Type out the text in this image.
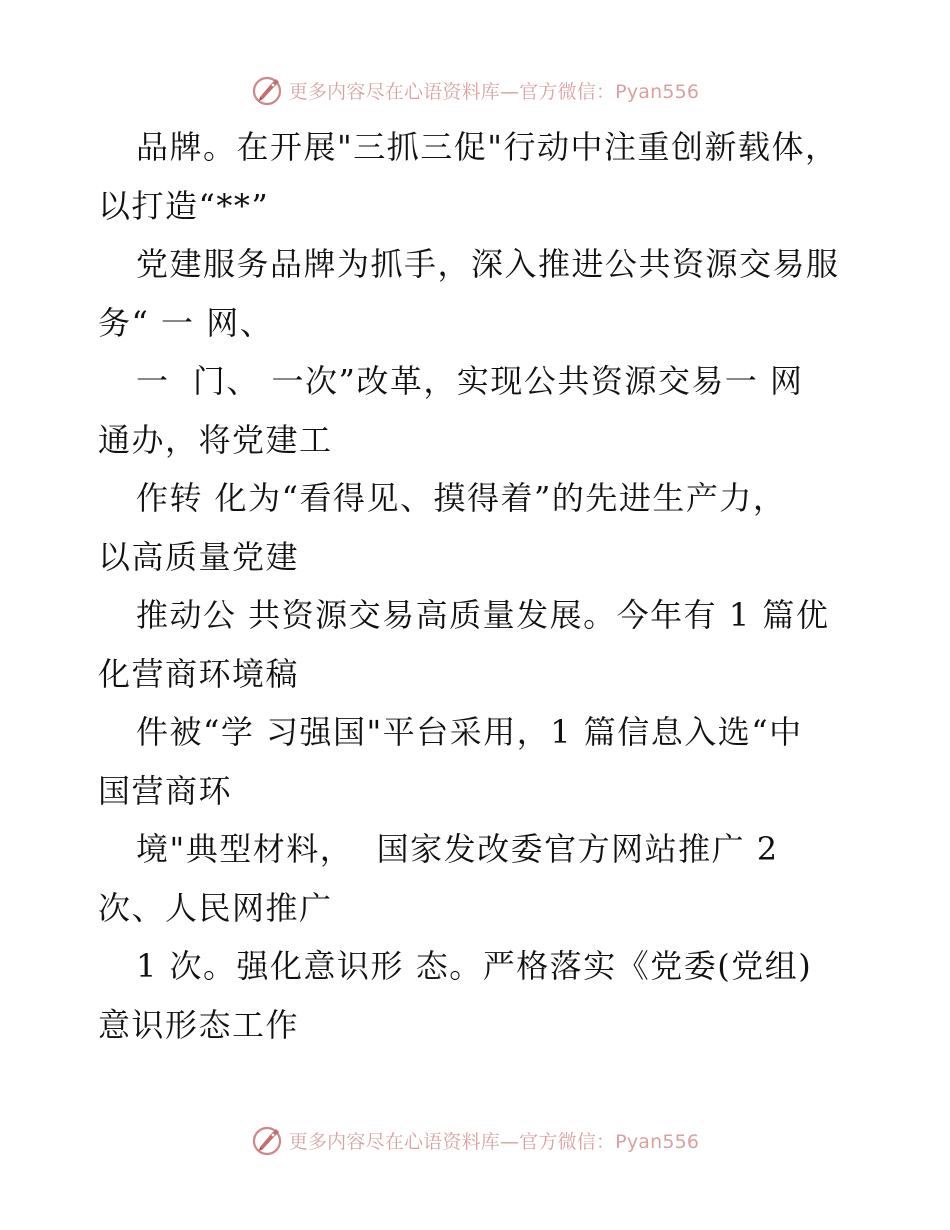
更多内容尽在心语资料库—官方微信：Pyan556
品牌。在开展"三抓三促"行动中注重创新载体，
以打造“**”
党建服务品牌为抓手，深入推进公共资源交易服
务“ 一 网、
一  门、 一次”改革，实现公共资源交易一 网
通办，将党建工
作转 化为“看得见、摸得着”的先进生产力，
以高质量党建
推动公 共资源交易高质量发展。今年有 1 篇优
化营商环境稿
件被“学 习强国"平台采用，1 篇信息入选“中
国营商环
境"典型材料，  国家发改委官方网站推广 2
次、人民网推广
1 次。强化意识形 态。严格落实《党委(党组)
意识形态工作
更多内容尽在心语资料库—官方微信：Pyan556
